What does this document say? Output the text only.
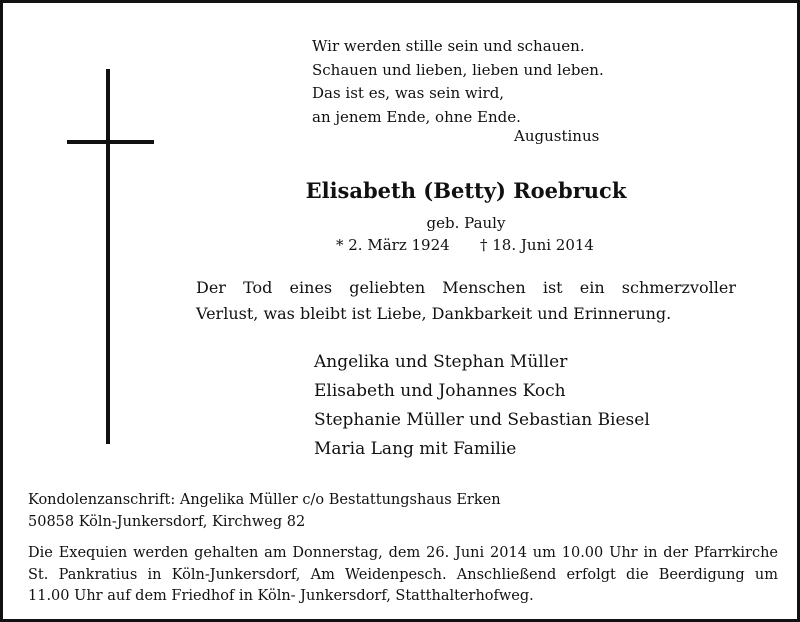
Wir werden stille sein und schauen.
Schauen und lieben, lieben und leben.
Das ist es, was sein wird,
an jenem Ende, ohne Ende.
Augustinus
Elisabeth (Betty) Roebruck
geb. Pauly
* 2. März 1924 † 18. Juni 2014
Der Tod eines geliebten Menschen ist ein schmerzvoller
Verlust, was bleibt ist Liebe, Dankbarkeit und Erinnerung.
Angelika und Stephan Müller
Elisabeth und Johannes Koch
Stephanie Müller und Sebastian Biesel
Maria Lang mit Familie
Kondolenzanschrift: Angelika Müller c/o Bestattungshaus Erken
50858 Köln-Junkersdorf, Kirchweg 82
Die Exequien werden gehalten am Donnerstag, dem 26. Juni 2014 um 10.00 Uhr in der Pfarrkirche
St. Pankratius in Köln-Junkersdorf, Am Weidenpesch. Anschließend erfolgt die Beerdigung um
11.00 Uhr auf dem Friedhof in Köln- Junkersdorf, Statthalterhofweg.
